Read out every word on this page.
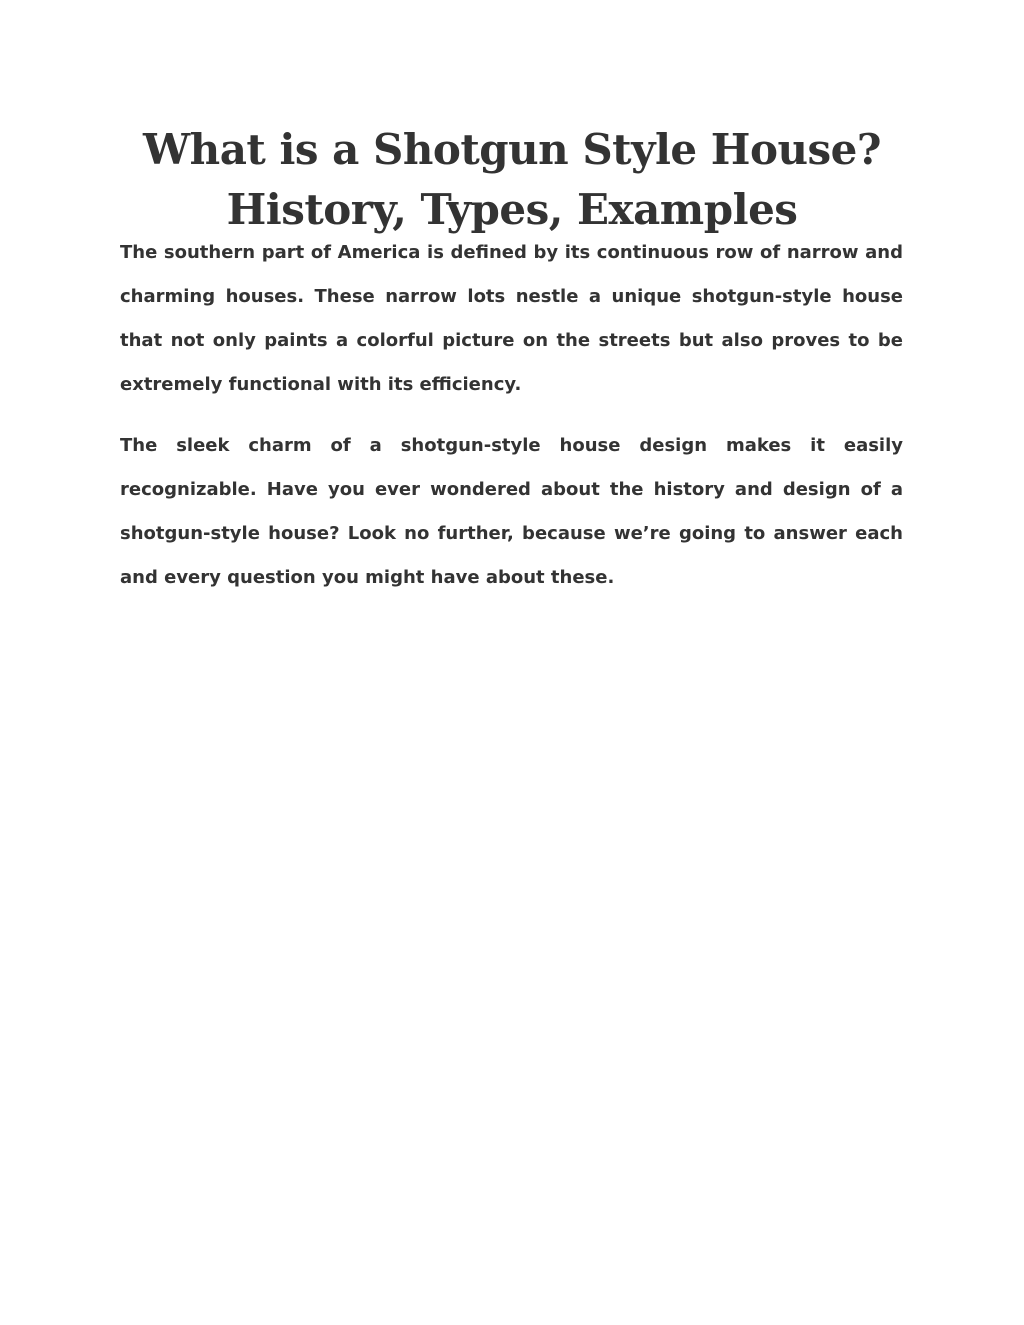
What is a Shotgun Style House?
History, Types, Examples

The southern part of America is defined by its continuous row of narrow and charming houses. These narrow lots nestle a unique shotgun-style house that not only paints a colorful picture on the streets but also proves to be extremely functional with its efficiency.

The sleek charm of a shotgun-style house design makes it easily recognizable. Have you ever wondered about the history and design of a shotgun-style house? Look no further, because we’re going to answer each and every question you might have about these.
